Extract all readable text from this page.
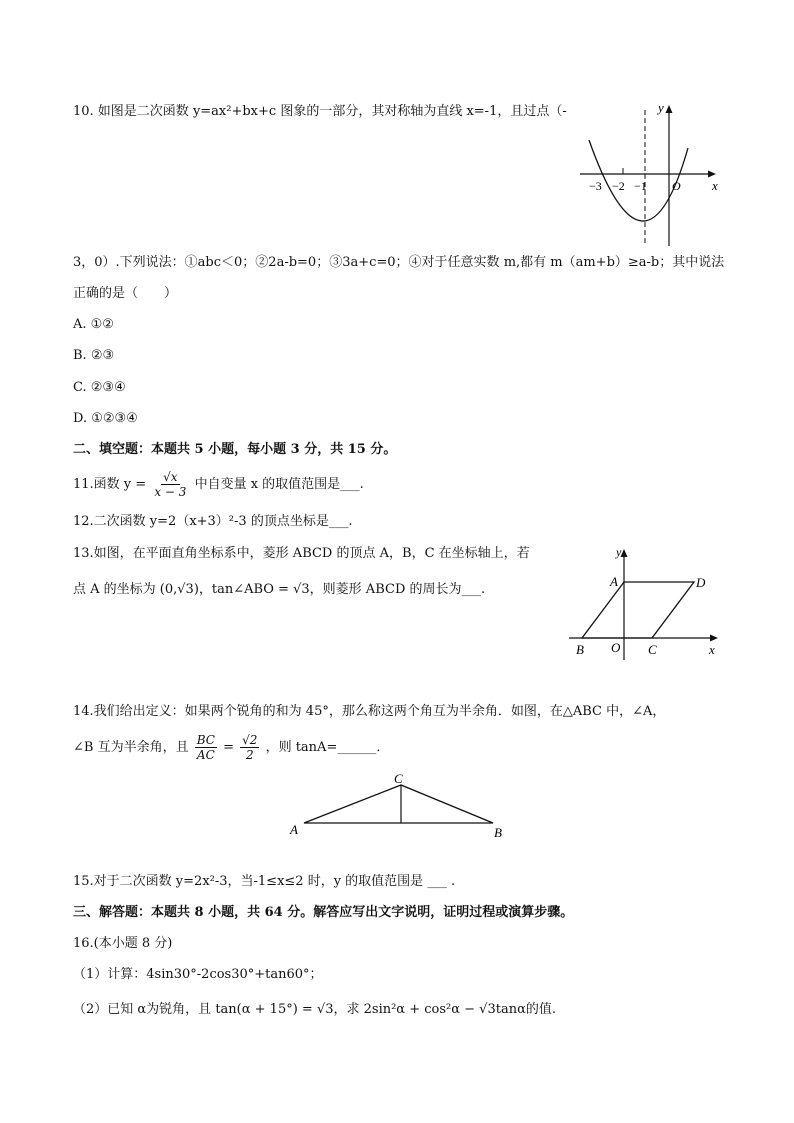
10. 如图是二次函数 y=ax²+bx+c 图象的一部分，其对称轴为直线 x=-1，且过点（-	y
x
−3 −2 −1 O
3，0）.下列说法：①abc＜0；②2a-b=0；③3a+c=0；④对于任意实数 m,都有 m（am+b）≥a-b；其中说法
正确的是（　　）
A. ①②
B. ②③
C. ②③④
D. ①②③④
二、填空题：本题共 5 小题，每小题 3 分，共 15 分。
11.函数 $y = \frac{√x}{x - 3}$ 中自变量 x 的取值范围是___.
12.二次函数 y=2（x+3）²-3 的顶点坐标是___.
13.如图，在平面直角坐标系中，菱形 ABCD 的顶点 A，B，C 在坐标轴上，若
点 A 的坐标为 (0,√3)，tan∠ABO = √3，则菱形 ABCD 的周长为___.
y
A	D
B O C	x
14.我们给出定义：如果两个锐角的和为 45°，那么称这两个角互为半余角．如图，在△ABC 中，∠A，
∠B 互为半余角，且 $\frac{BC}{AC} = \frac{√2}{2}$ ，则 tanA=______．
C
A	B
15.对于二次函数 y=2x²-3，当-1≤x≤2 时，y 的取值范围是 ___ .
三、解答题：本题共 8 小题，共 64 分。解答应写出文字说明，证明过程或演算步骤。
16.(本小题 8 分)
（1）计算：4sin30°-2cos30°+tan60°；
（2）已知 α为锐角，且 tan(α + 15°) = √3，求 2sin²α + cos²α − √3tanα的值.
